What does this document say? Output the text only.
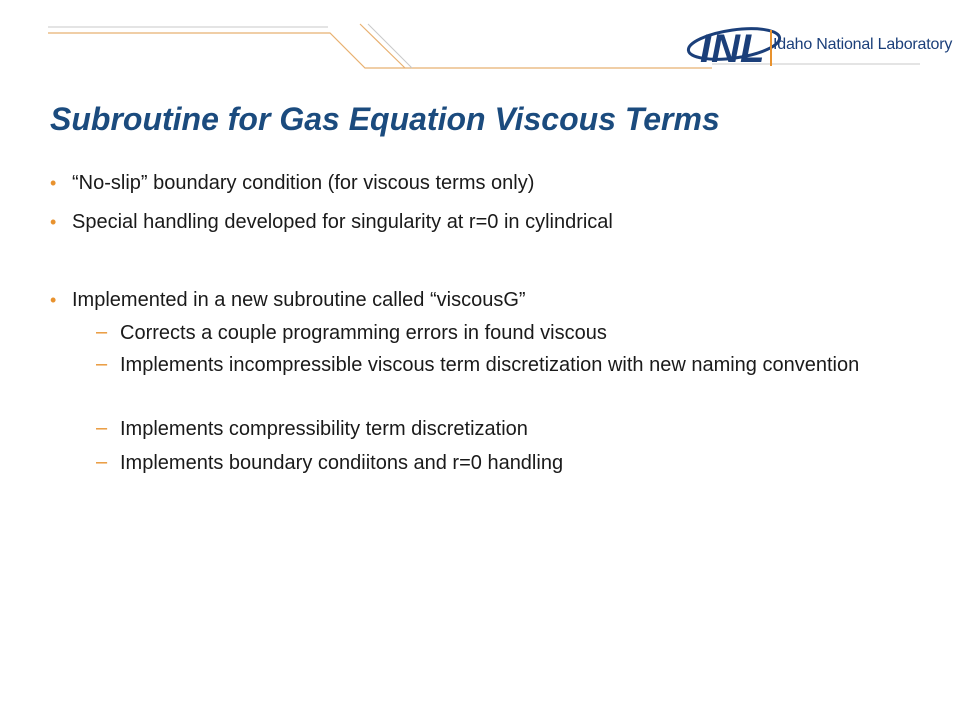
INL Idaho National Laboratory
Subroutine for Gas Equation Viscous Terms
• “No-slip” boundary condition (for viscous terms only)
• Special handling developed for singularity at r=0 in cylindrical
• Implemented in a new subroutine called “viscousG”
– Corrects a couple programming errors in found viscous
– Implements incompressible viscous term discretization with new naming convention
– Implements compressibility term discretization
– Implements boundary condiitons and r=0 handling
